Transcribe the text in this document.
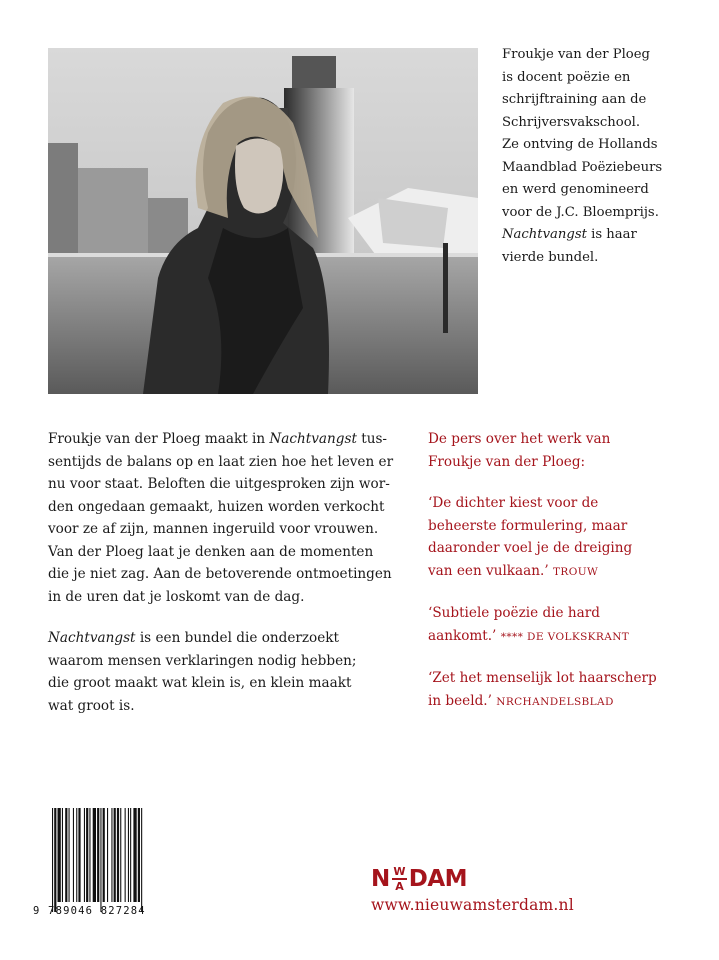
Froukje van der Ploeg

is docent poëzie en

schrijftraining aan de

Schrijversvakschool.

Ze ontving de Hollands

Maandblad Poëziebeurs

en werd genomineerd

voor de J.C. Bloemprijs.

Nachtvangst is haar

vierde bundel.

Froukje van der Ploeg maakt in Nachtvangst tus-
sentijds de balans op en laat zien hoe het leven er
nu voor staat. Beloften die uitgesproken zijn wor-
den ongedaan gemaakt, huizen worden verkocht
voor ze af zijn, mannen ingeruild voor vrouwen.
Van der Ploeg laat je denken aan de momenten
die je niet zag. Aan de betoverende ontmoetingen
in de uren dat je loskomt van de dag.

Nachtvangst is een bundel die onderzoekt
waarom mensen verklaringen nodig hebben;
die groot maakt wat klein is, en klein maakt
wat groot is.

De pers over het werk van
Froukje van der Ploeg:

‘De dichter kiest voor de
beheerste formulering, maar
daaronder voel je de dreiging
van een vulkaan.’ TROUW

‘Subtiele poëzie die hard
aankomt.’ **** DE VOLKSKRANT

‘Zet het menselijk lot haarscherp
in beeld.’ NRCHANDELSBLAD

9 789046 827284
N W
A DAM
www.nieuwamsterdam.nl
